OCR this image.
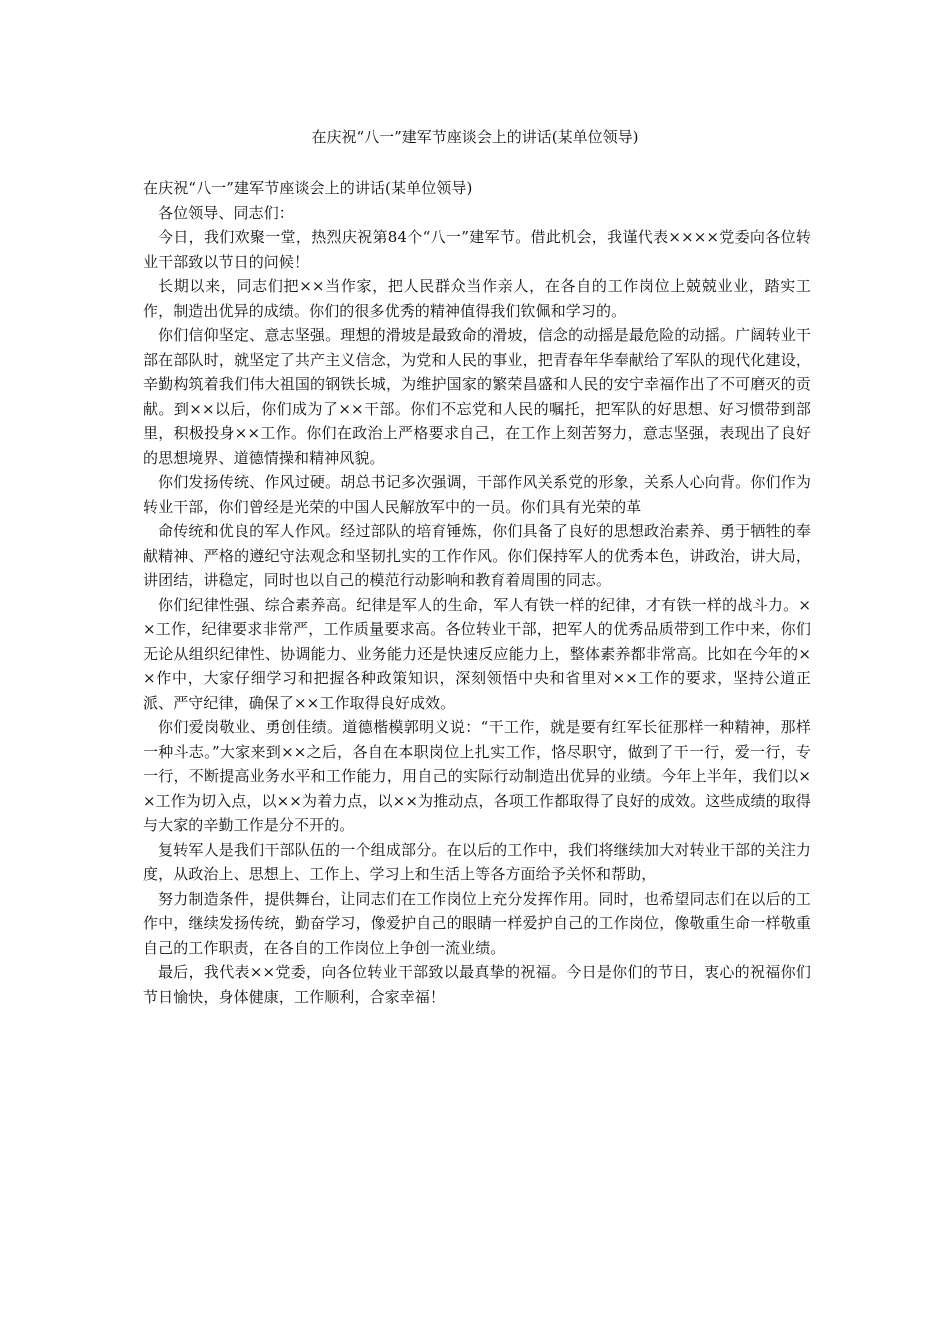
在庆祝“八一”建军节座谈会上的讲话(某单位领导)

在庆祝“八一”建军节座谈会上的讲话(某单位领导)

各位领导、同志们：

今日，我们欢聚一堂，热烈庆祝第84个“八一”建军节。借此机会，我谨代表××××党委向各位转业干部致以节日的问候！

长期以来，同志们把××当作家，把人民群众当作亲人，在各自的工作岗位上兢兢业业，踏实工作，制造出优异的成绩。你们的很多优秀的精神值得我们钦佩和学习的。

你们信仰坚定、意志坚强。理想的滑坡是最致命的滑坡，信念的动摇是最危险的动摇。广阔转业干部在部队时，就坚定了共产主义信念，为党和人民的事业，把青春年华奉献给了军队的现代化建设，辛勤构筑着我们伟大祖国的钢铁长城，为维护国家的繁荣昌盛和人民的安宁幸福作出了不可磨灭的贡献。到××以后，你们成为了××干部。你们不忘党和人民的嘱托，把军队的好思想、好习惯带到部里，积极投身××工作。你们在政治上严格要求自己，在工作上刻苦努力，意志坚强，表现出了良好的思想境界、道德情操和精神风貌。

你们发扬传统、作风过硬。胡总书记多次强调，干部作风关系党的形象，关系人心向背。你们作为转业干部，你们曾经是光荣的中国人民解放军中的一员。你们具有光荣的革

命传统和优良的军人作风。经过部队的培育锤炼，你们具备了良好的思想政治素养、勇于牺牲的奉献精神、严格的遵纪守法观念和坚韧扎实的工作作风。你们保持军人的优秀本色，讲政治，讲大局，讲团结，讲稳定，同时也以自己的模范行动影响和教育着周围的同志。

你们纪律性强、综合素养高。纪律是军人的生命，军人有铁一样的纪律，才有铁一样的战斗力。××工作，纪律要求非常严，工作质量要求高。各位转业干部，把军人的优秀品质带到工作中来，你们无论从组织纪律性、协调能力、业务能力还是快速反应能力上，整体素养都非常高。比如在今年的××作中，大家仔细学习和把握各种政策知识，深刻领悟中央和省里对××工作的要求，坚持公道正派、严守纪律，确保了××工作取得良好成效。

你们爱岗敬业、勇创佳绩。道德楷模郭明义说：“干工作，就是要有红军长征那样一种精神，那样一种斗志。”大家来到××之后，各自在本职岗位上扎实工作，恪尽职守，做到了干一行，爱一行，专一行，不断提高业务水平和工作能力，用自己的实际行动制造出优异的业绩。今年上半年，我们以××工作为切入点，以××为着力点，以××为推动点，各项工作都取得了良好的成效。这些成绩的取得与大家的辛勤工作是分不开的。

复转军人是我们干部队伍的一个组成部分。在以后的工作中，我们将继续加大对转业干部的关注力度，从政治上、思想上、工作上、学习上和生活上等各方面给予关怀和帮助，

努力制造条件，提供舞台，让同志们在工作岗位上充分发挥作用。同时，也希望同志们在以后的工作中，继续发扬传统，勤奋学习，像爱护自己的眼睛一样爱护自己的工作岗位，像敬重生命一样敬重自己的工作职责，在各自的工作岗位上争创一流业绩。

最后，我代表××党委，向各位转业干部致以最真挚的祝福。今日是你们的节日，衷心的祝福你们节日愉快，身体健康，工作顺利，合家幸福！
